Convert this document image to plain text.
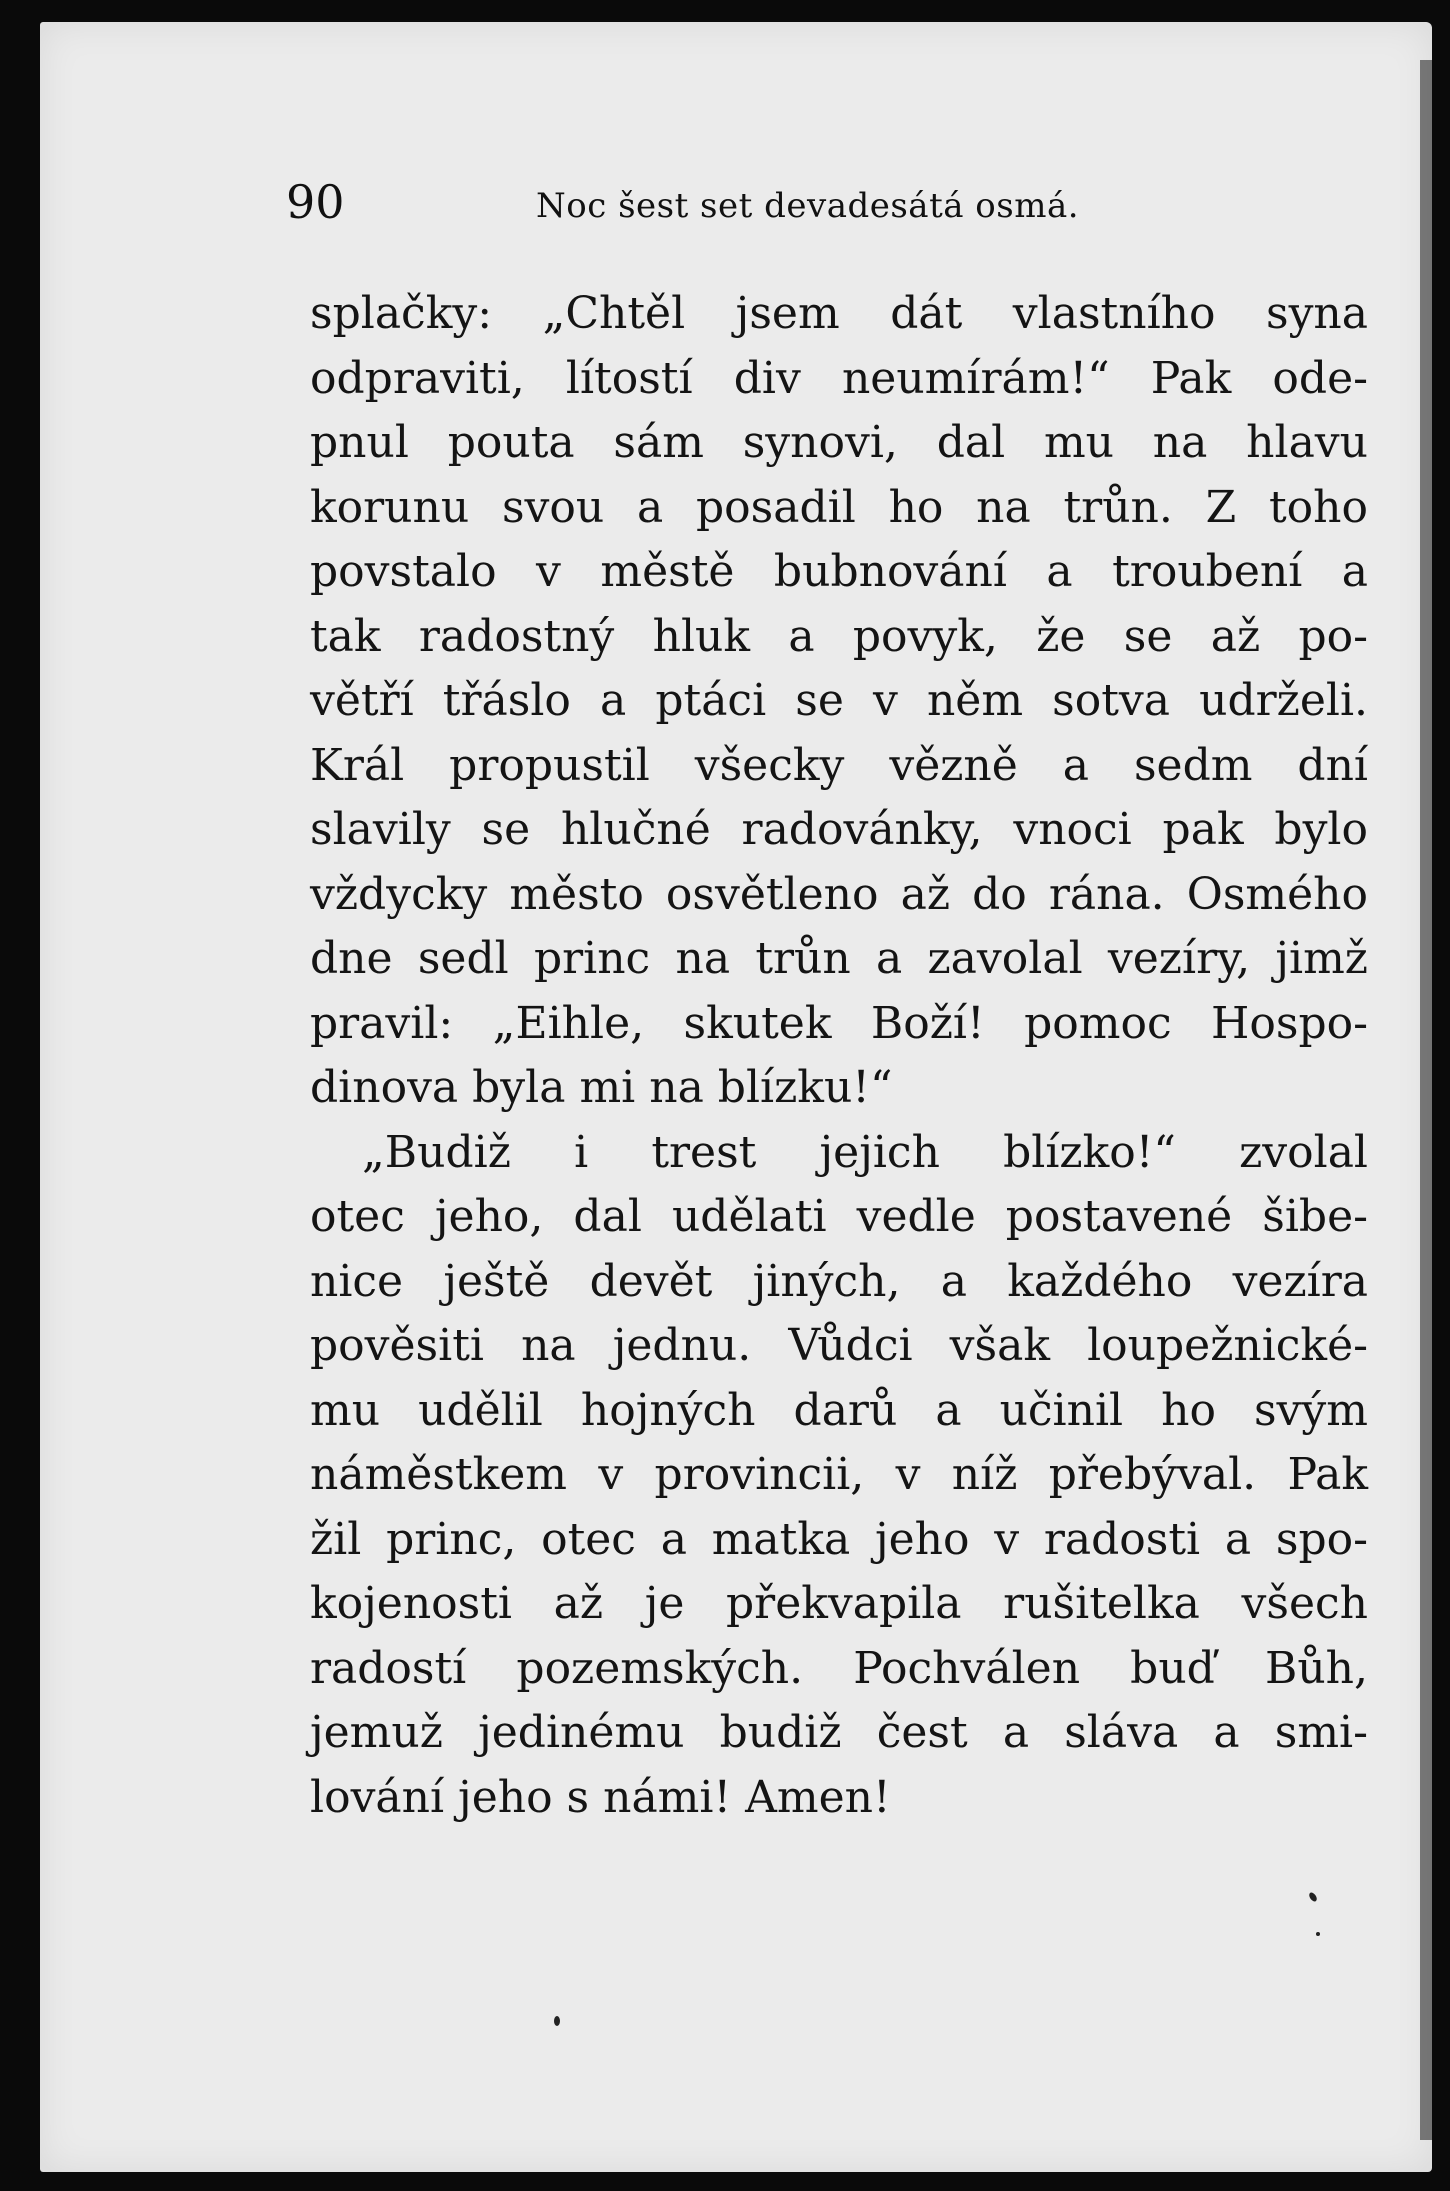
90	Noc šest set devadesátá osmá.
splačky: „Chtěl jsem dát vlastního syna
odpraviti, lítostí div neumírám!“ Pak ode-
pnul pouta sám synovi, dal mu na hlavu
korunu svou a posadil ho na trůn. Z toho
povstalo v městě bubnování a troubení a
tak radostný hluk a povyk, že se až po-
větří třáslo a ptáci se v něm sotva udrželi.
Král propustil všecky vězně a sedm dní
slavily se hlučné radovánky, vnoci pak bylo
vždycky město osvětleno až do rána. Osmého
dne sedl princ na trůn a zavolal vezíry, jimž
pravil: „Eihle, skutek Boží! pomoc Hospo-
dinova byla mi na blízku!“
„Budiž i trest jejich blízko!“ zvolal
otec jeho, dal udělati vedle postavené šibe-
nice ještě devět jiných, a každého vezíra
pověsiti na jednu. Vůdci však loupežnické-
mu udělil hojných darů a učinil ho svým
náměstkem v provincii, v níž přebýval. Pak
žil princ, otec a matka jeho v radosti a spo-
kojenosti až je překvapila rušitelka všech
radostí pozemských. Pochválen buď Bůh,
jemuž jedinému budiž čest a sláva a smi-
lování jeho s námi! Amen!
